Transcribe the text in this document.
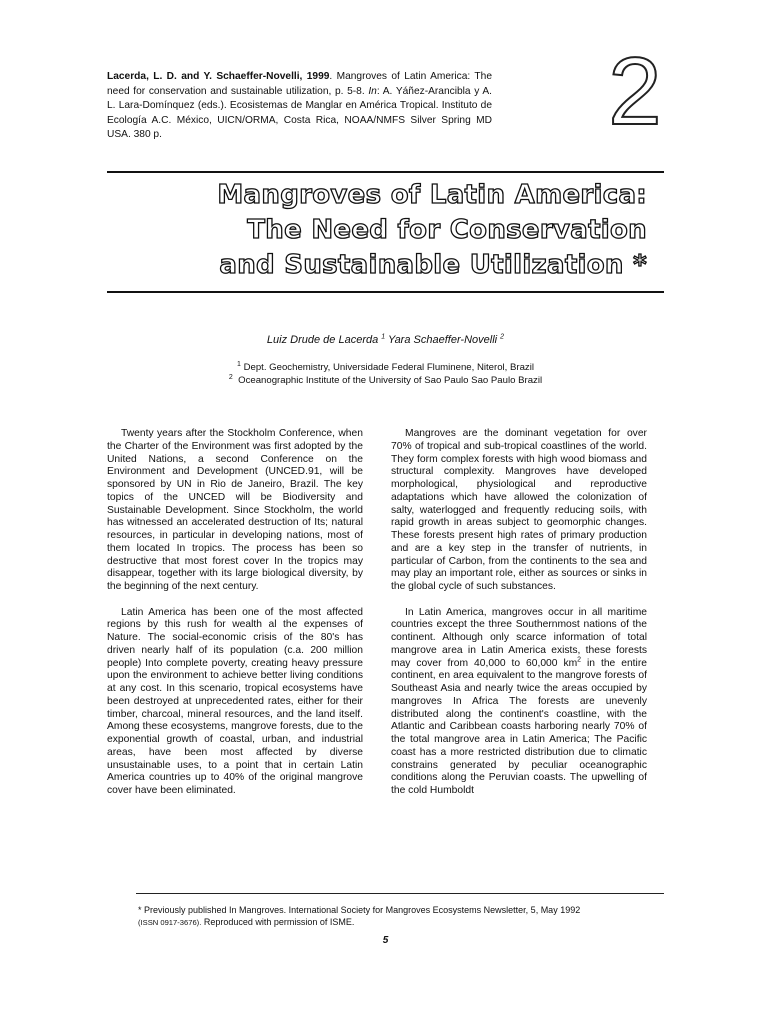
Lacerda, L. D. and Y. Schaeffer-Novelli, 1999. Mangroves of Latin America: The need for conservation and sustainable utilization, p. 5-8. In: A. Yáñez-Arancibla y A. L. Lara-Domínquez (eds.). Ecosistemas de Manglar en América Tropical. Instituto de Ecología A.C. México, UICN/ORMA, Costa Rica, NOAA/NMFS Silver Spring MD USA. 380 p.	2
Mangroves of Latin America:
The Need for Conservation
and Sustainable Utilization *
Luiz Drude de Lacerda $^1$ Yara Schaeffer-Novelli $^2$
$^1$ Dept. Geochemistry, Universidade Federal Fluminene, Niterol, Brazil
$^2$ Oceanographic Institute of the University of Sao Paulo Sao Paulo Brazil

Twenty years after the Stockholm Conference, when the Charter of the Environment was first adopted by the United Nations, a second Conference on the Environment and Development (UNCED.91, will be sponsored by UN in Rio de Janeiro, Brazil. The key topics of the UNCED will be Biodiversity and Sustainable Development. Since Stockholm, the world has witnessed an accelerated destruction of Its; natural resources, in particular in developing nations, most of them located In tropics. The process has been so destructive that most forest cover In the tropics may disappear, together with its large biological diversity, by the beginning of the next century.

Latin America has been one of the most affected regions by this rush for wealth al the expenses of Nature. The social-economic crisis of the 80's has driven nearly half of its population (c.a. 200 million people) Into complete poverty, creating heavy pressure upon the environment to achieve better living conditions at any cost. In this scenario, tropical ecosystems have been destroyed at unprecedented rates, either for their timber, charcoal, mineral resources, and the land itself. Among these ecosystems, mangrove forests, due to the exponential growth of coastal, urban, and industrial areas, have been most affected by diverse unsustainable uses, to a point that in certain Latin America countries up to 40% of the original mangrove cover have been eliminated.

Mangroves are the dominant vegetation for over 70% of tropical and sub-tropical coastlines of the world. They form complex forests with high wood biomass and structural complexity. Mangroves have developed morphological, physiological and reproductive adaptations which have allowed the colonization of salty, waterlogged and frequently reducing soils, with rapid growth in areas subject to geomorphic changes. These forests present high rates of primary production and are a key step in the transfer of nutrients, in particular of Carbon, from the continents to the sea and may play an important role, either as sources or sinks in the global cycle of such substances.

In Latin America, mangroves occur in all maritime countries except the three Southernmost nations of the continent. Although only scarce information of total mangrove area in Latin America exists, these forests may cover from 40,000 to 60,000 $km^2$ in the entire continent, en area equivalent to the mangrove forests of Southeast Asia and nearly twice the areas occupied by mangroves In Africa The forests are unevenly distributed along the continent's coastline, with the Atlantic and Caribbean coasts harboring nearly 70% of the total mangrove area in Latin America; The Pacific coast has a more restricted distribution due to climatic constrains generated by peculiar oceanographic conditions along the Peruvian coasts. The upwelling of the cold Humboldt

* Previously published In Mangroves. International Society for Mangroves Ecosystems Newsletter, 5, May 1992
(ISSN 0917-3676). Reproduced with permission of ISME.
5
